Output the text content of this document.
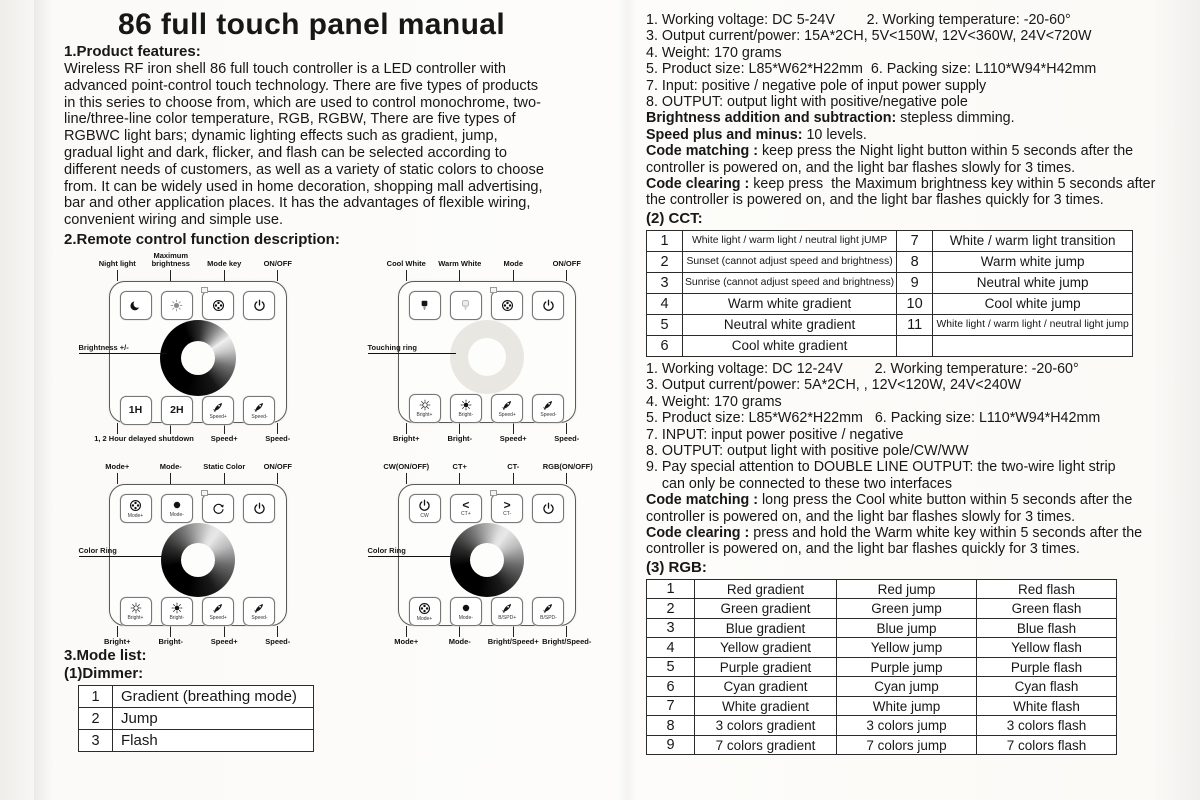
86 full touch panel manual
1.Product features:

Wireless RF iron shell 86 full touch controller is a LED controller with advanced point-control touch technology. There are five types of products in this series to choose from, which are used to control monochrome, two-line/three-line color temperature, RGB, RGBW, There are five types of RGBWC light bars; dynamic lighting effects such as gradient, jump, gradual light and dark, flicker, and flash can be selected according to different needs of customers, as well as a variety of static colors to choose from. It can be widely used in home decoration, shopping mall advertising, bar and other application places. It has the advantages of flexible wiring, convenient wiring and simple use.

2.Remote control function description:
Night light
Maximum brightness	Mode key	ON/OFF
1H	2H
Speed+	Speed-
1, 2 Hour delayed shutdown	Speed+	Speed-
Brightness +/-
Cool White Warm White	Mode	ON/OFF
Bright+	Bright-	Speed+	Speed-
Bright+	Bright-	Speed+	Speed-
Touching ring
Mode+	Mode-	Static Color ON/OFF
Mode+	Mode-
Bright+	Bright-	Speed+	Speed-
Bright+	Bright-	Speed+	Speed-
Color Ring
CW(ON/OFF)	CT+	CT-	RGB(ON/OFF)
CW
<
CT+
>
CT-
Mode+	Mode-	B/SPD+	B/SPD-
Mode+	Mode-	Bright/Speed+ Bright/Speed-
Color Ring
3.Mode list:
(1)Dimmer:
1	Gradient (breathing mode)
2	Jump
3	Flash
1. Working voltage: DC 5-24V        2. Working temperature: -20-60°
3. Output current/power: 15A*2CH, 5V<150W, 12V<360W, 24V<720W
4. Weight: 170 grams
5. Product size: L85*W62*H22mm  6. Packing size: L110*W94*H42mm
7. Input: positive / negative pole of input power supply
8. OUTPUT: output light with positive/negative pole
Brightness addition and subtraction: stepless dimming.
Speed plus and minus: 10 levels.
Code matching : keep press the Night light button within 5 seconds after the controller is powered on, and the light bar flashes slowly for 3 times.
Code clearing : keep press  the Maximum brightness key within 5 seconds after the controller is powered on, and the light bar flashes quickly for 3 times.
(2) CCT:
1	White light / warm light / neutral light jUMP	7	White / warm light transition
2	Sunset (cannot adjust speed and brightness)	8	Warm white jump
3	Sunrise (cannot adjust speed and brightness)	9	Neutral white jump
4	Warm white gradient	10	Cool white jump
5	Neutral white gradient	11	White light / warm light / neutral light jump
6	Cool white gradient		
1. Working voltage: DC 12-24V        2. Working temperature: -20-60°
3. Output current/power: 5A*2CH, , 12V<120W, 24V<240W
4. Weight: 170 grams
5. Product size: L85*W62*H22mm   6. Packing size: L110*W94*H42mm
7. INPUT: input power positive / negative
8. OUTPUT: output light with positive pole/CW/WW
9. Pay special attention to DOUBLE LINE OUTPUT: the two-wire light strip
can only be connected to these two interfaces
Code matching : long press the Cool white button within 5 seconds after the controller is powered on, and the light bar flashes slowly for 3 times.
Code clearing : press and hold the Warm white key within 5 seconds after the controller is powered on, and the light bar flashes quickly for 3 times.
(3) RGB:
1	Red gradient	Red jump	Red flash
2	Green gradient	Green jump	Green flash
3	Blue gradient	Blue jump	Blue flash
4	Yellow gradient	Yellow jump	Yellow flash
5	Purple gradient	Purple jump	Purple flash
6	Cyan gradient	Cyan jump	Cyan flash
7	White gradient	White jump	White flash
8	3 colors gradient	3 colors jump	3 colors flash
9	7 colors gradient	7 colors jump	7 colors flash
